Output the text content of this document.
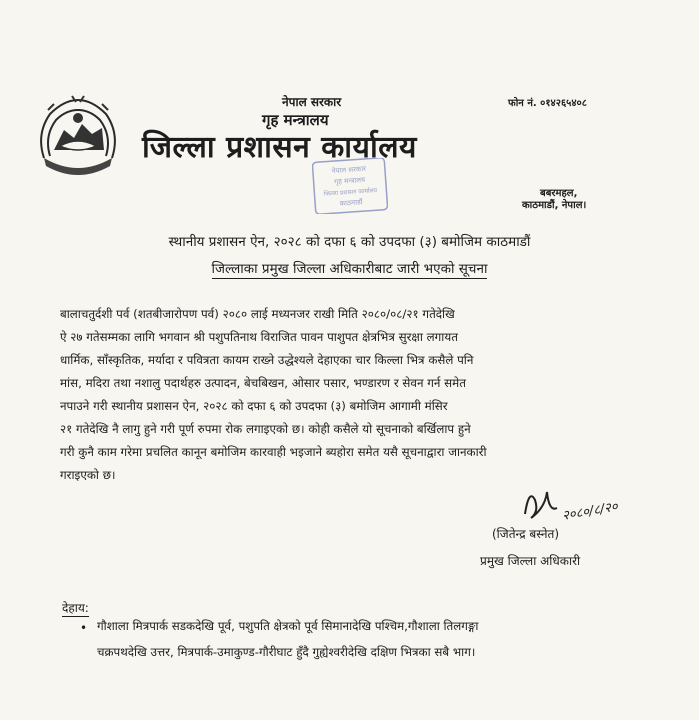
नेपाल सरकार	फोन नं. ०१४२६५४०८
गृह मन्त्रालय
जिल्ला प्रशासन कार्यालय
नेपाल सरकार
गृह मन्त्रालय
जिल्ला प्रशासन कार्यालय
काठमाडौं
बबरमहल,
काठमाडौं, नेपाल।
स्थानीय प्रशासन ऐन, २०२८ को दफा ६ को उपदफा (३) बमोजिम काठमाडौं
जिल्लाका प्रमुख जिल्ला अधिकारीबाट जारी भएको सूचना
बालाचतुर्दशी पर्व (शतबीजारोपण पर्व) २०८० लाई मध्यनजर राखी मिति २०८०/०८/२१ गतेदेखि
ऐ २७ गतेसम्मका लागि भगवान श्री पशुपतिनाथ विराजित पावन पाशुपत क्षेत्रभित्र सुरक्षा लगायत
धार्मिक, साँस्कृतिक, मर्यादा र पवित्रता कायम राख्ने उद्धेश्यले देहाएका चार किल्ला भित्र कसैले पनि
मांस, मदिरा तथा नशालु पदार्थहरु उत्पादन, बेचबिखन, ओसार पसार, भण्डारण र सेवन गर्न समेत
नपाउने गरी स्थानीय प्रशासन ऐन, २०२८ को दफा ६ को उपदफा (३) बमोजिम आगामी मंसिर
२१ गतेदेखि नै लागु हुने गरी पूर्ण रुपमा रोक लगाइएको छ। कोही कसैले यो सूचनाको बर्खिलाप हुने
गरी कुनै काम गरेमा प्रचलित कानून बमोजिम कारवाही भइजाने ब्यहोरा समेत यसै सूचनाद्वारा जानकारी
गराइएको छ।
२०८०/८/२०
(जितेन्द्र बस्नेत)
प्रमुख जिल्ला अधिकारी
देहाय:
• गौशाला मित्रपार्क सडकदेखि पूर्व, पशुपति क्षेत्रको पूर्व सिमानादेखि पश्चिम,गौशाला तिलगङ्गा
चक्रपथदेखि उत्तर, मित्रपार्क-उमाकुण्ड-गौरीघाट हुँदै गुह्येश्वरीदेखि दक्षिण भित्रका सबै भाग।
